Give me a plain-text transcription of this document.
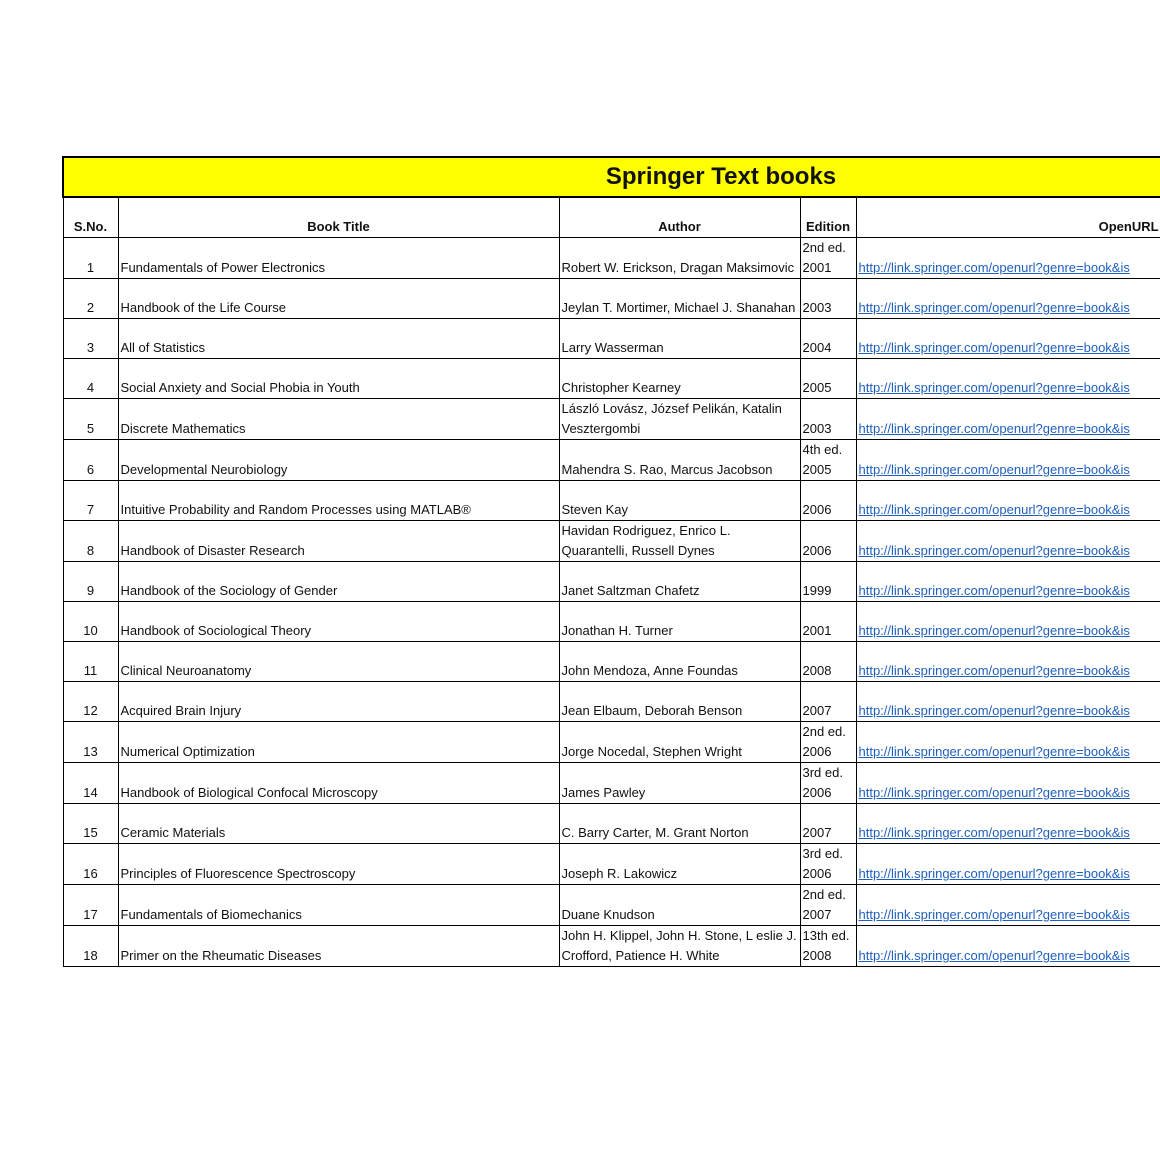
Springer Text books				
S.No.	Book Title	Author	Edition	OpenURL
1	Fundamentals of Power Electronics	Robert W. Erickson, Dragan Maksimovic	2nd ed. 2001	http://link.springer.com/openurl?genre=book&is
2	Handbook of the Life Course	Jeylan T. Mortimer, Michael J. Shanahan	2003	http://link.springer.com/openurl?genre=book&is
3	All of Statistics	Larry Wasserman	2004	http://link.springer.com/openurl?genre=book&is
4	Social Anxiety and Social Phobia in Youth	Christopher Kearney	2005	http://link.springer.com/openurl?genre=book&is
5	Discrete Mathematics	László Lovász, József Pelikán, Katalin Vesztergombi	2003	http://link.springer.com/openurl?genre=book&is
6	Developmental Neurobiology	Mahendra S. Rao, Marcus Jacobson	4th ed. 2005	http://link.springer.com/openurl?genre=book&is
7	Intuitive Probability and Random Processes using MATLAB®	Steven Kay	2006	http://link.springer.com/openurl?genre=book&is
8	Handbook of Disaster Research	Havidan Rodriguez, Enrico L. Quarantelli, Russell Dynes	2006	http://link.springer.com/openurl?genre=book&is
9	Handbook of the Sociology of Gender	Janet Saltzman Chafetz	1999	http://link.springer.com/openurl?genre=book&is
10	Handbook of Sociological Theory	Jonathan H. Turner	2001	http://link.springer.com/openurl?genre=book&is
11	Clinical Neuroanatomy	John Mendoza, Anne Foundas	2008	http://link.springer.com/openurl?genre=book&is
12	Acquired Brain Injury	Jean Elbaum, Deborah Benson	2007	http://link.springer.com/openurl?genre=book&is
13	Numerical Optimization	Jorge Nocedal, Stephen Wright	2nd ed. 2006	http://link.springer.com/openurl?genre=book&is
14	Handbook of Biological Confocal Microscopy	James Pawley	3rd ed. 2006	http://link.springer.com/openurl?genre=book&is
15	Ceramic Materials	C. Barry Carter, M. Grant Norton	2007	http://link.springer.com/openurl?genre=book&is
16	Principles of Fluorescence Spectroscopy	Joseph R. Lakowicz	3rd ed. 2006	http://link.springer.com/openurl?genre=book&is
17	Fundamentals of Biomechanics	Duane Knudson	2nd ed. 2007	http://link.springer.com/openurl?genre=book&is
18	Primer on the Rheumatic Diseases	John H. Klippel, John H. Stone, L eslie J. Crofford, Patience H. White	13th ed. 2008	http://link.springer.com/openurl?genre=book&is
